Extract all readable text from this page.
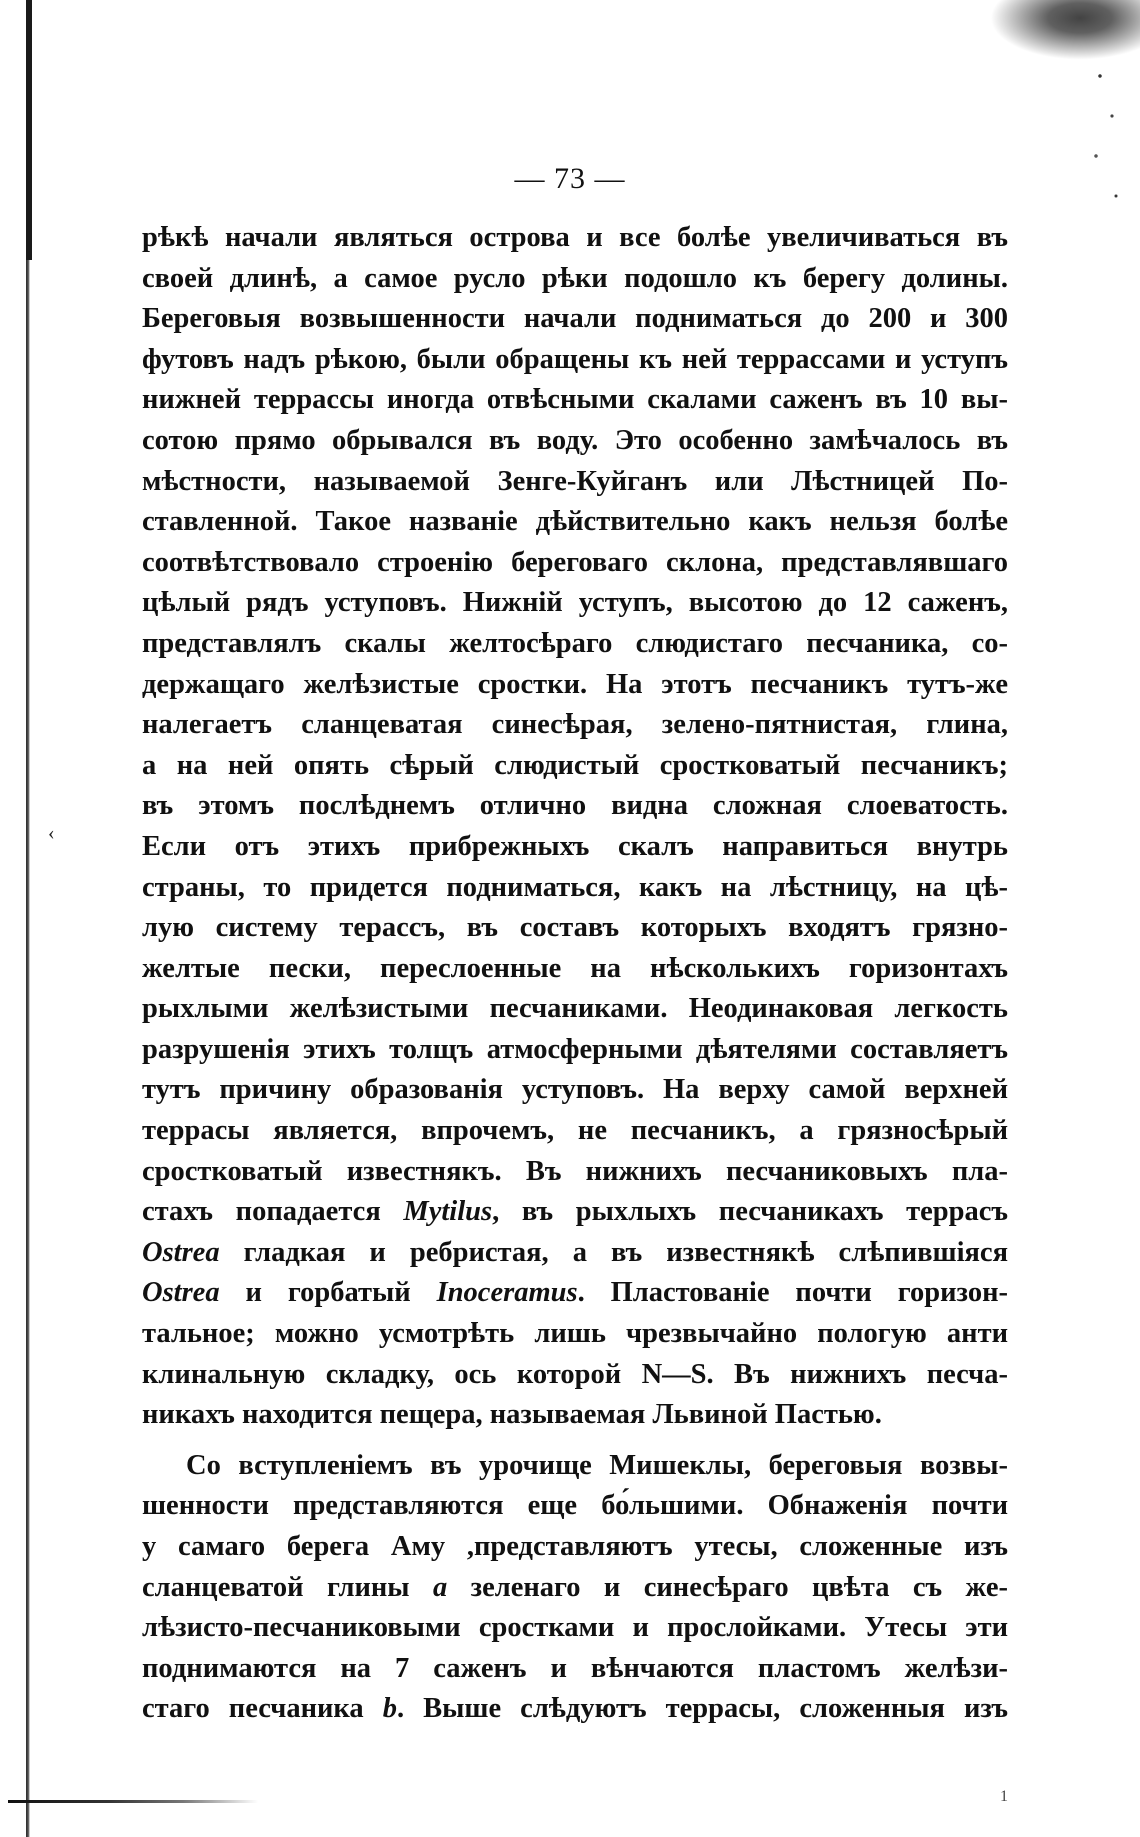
‹
— 73 —
рѣкѣ начали являться острова и все болѣе увеличиваться въ
своей длинѣ, а самое русло рѣки подошло къ берегу долины.
Береговыя возвышенности начали подниматься до 200 и 300
футовъ надъ рѣкою, были обращены къ ней террассами и уступъ
нижней террассы иногда отвѣсными скалами саженъ въ 10 вы-
сотою прямо обрывался въ воду. Это особенно замѣчалось въ
мѣстности, называемой Зенге-Куйганъ или Лѣстницей По-
ставленной. Такое названіе дѣйствительно какъ нельзя болѣе
соотвѣтствовало строенію береговаго склона, представлявшаго
цѣлый рядъ уступовъ. Нижній уступъ, высотою до 12 саженъ,
представлялъ скалы желтосѣраго слюдистаго песчаника, со-
держащаго желѣзистые сростки. На этотъ песчаникъ тутъ-же
налегаетъ сланцеватая синесѣрая, зелено-пятнистая, глина,
а на ней опять сѣрый слюдистый сростковатый песчаникъ;
въ этомъ послѣднемъ отлично видна сложная слоеватость.
Если отъ этихъ прибрежныхъ скалъ направиться внутрь
страны, то придется подниматься, какъ на лѣстницу, на цѣ-
лую систему терассъ, въ составъ которыхъ входятъ грязно-
желтые пески, переслоенные на нѣсколькихъ горизонтахъ
рыхлыми желѣзистыми песчаниками. Неодинаковая легкость
разрушенія этихъ толщъ атмосферными дѣятелями составляетъ
тутъ причину образованія уступовъ. На верху самой верхней
террасы является, впрочемъ, не песчаникъ, а грязносѣрый
сростковатый известнякъ. Въ нижнихъ песчаниковыхъ пла-
стахъ попадается Mytilus, въ рыхлыхъ песчаникахъ террасъ
Ostrea гладкая и ребристая, а въ известнякѣ слѣпившіяся
Ostrea и горбатый Inoceramus. Пластованіе почти горизон-
тальное; можно усмотрѣть лишь чрезвычайно пологую анти
клинальную складку, ось которой N—S. Въ нижнихъ песча-
никахъ находится пещера, называемая Львиной Пастью.
Со вступленіемъ въ урочище Мишеклы, береговыя возвы-
шенности представляются еще бо́льшими. Обнаженія почти
у самаго берега Аму ,представляютъ утесы, сложенные изъ
сланцеватой глины a зеленаго и синесѣраго цвѣта съ же-
лѣзисто-песчаниковыми сростками и прослойками. Утесы эти
поднимаются на 7 саженъ и вѣнчаются пластомъ желѣзи-
стаго песчаника b. Выше слѣдуютъ террасы, сложенныя изъ
1
